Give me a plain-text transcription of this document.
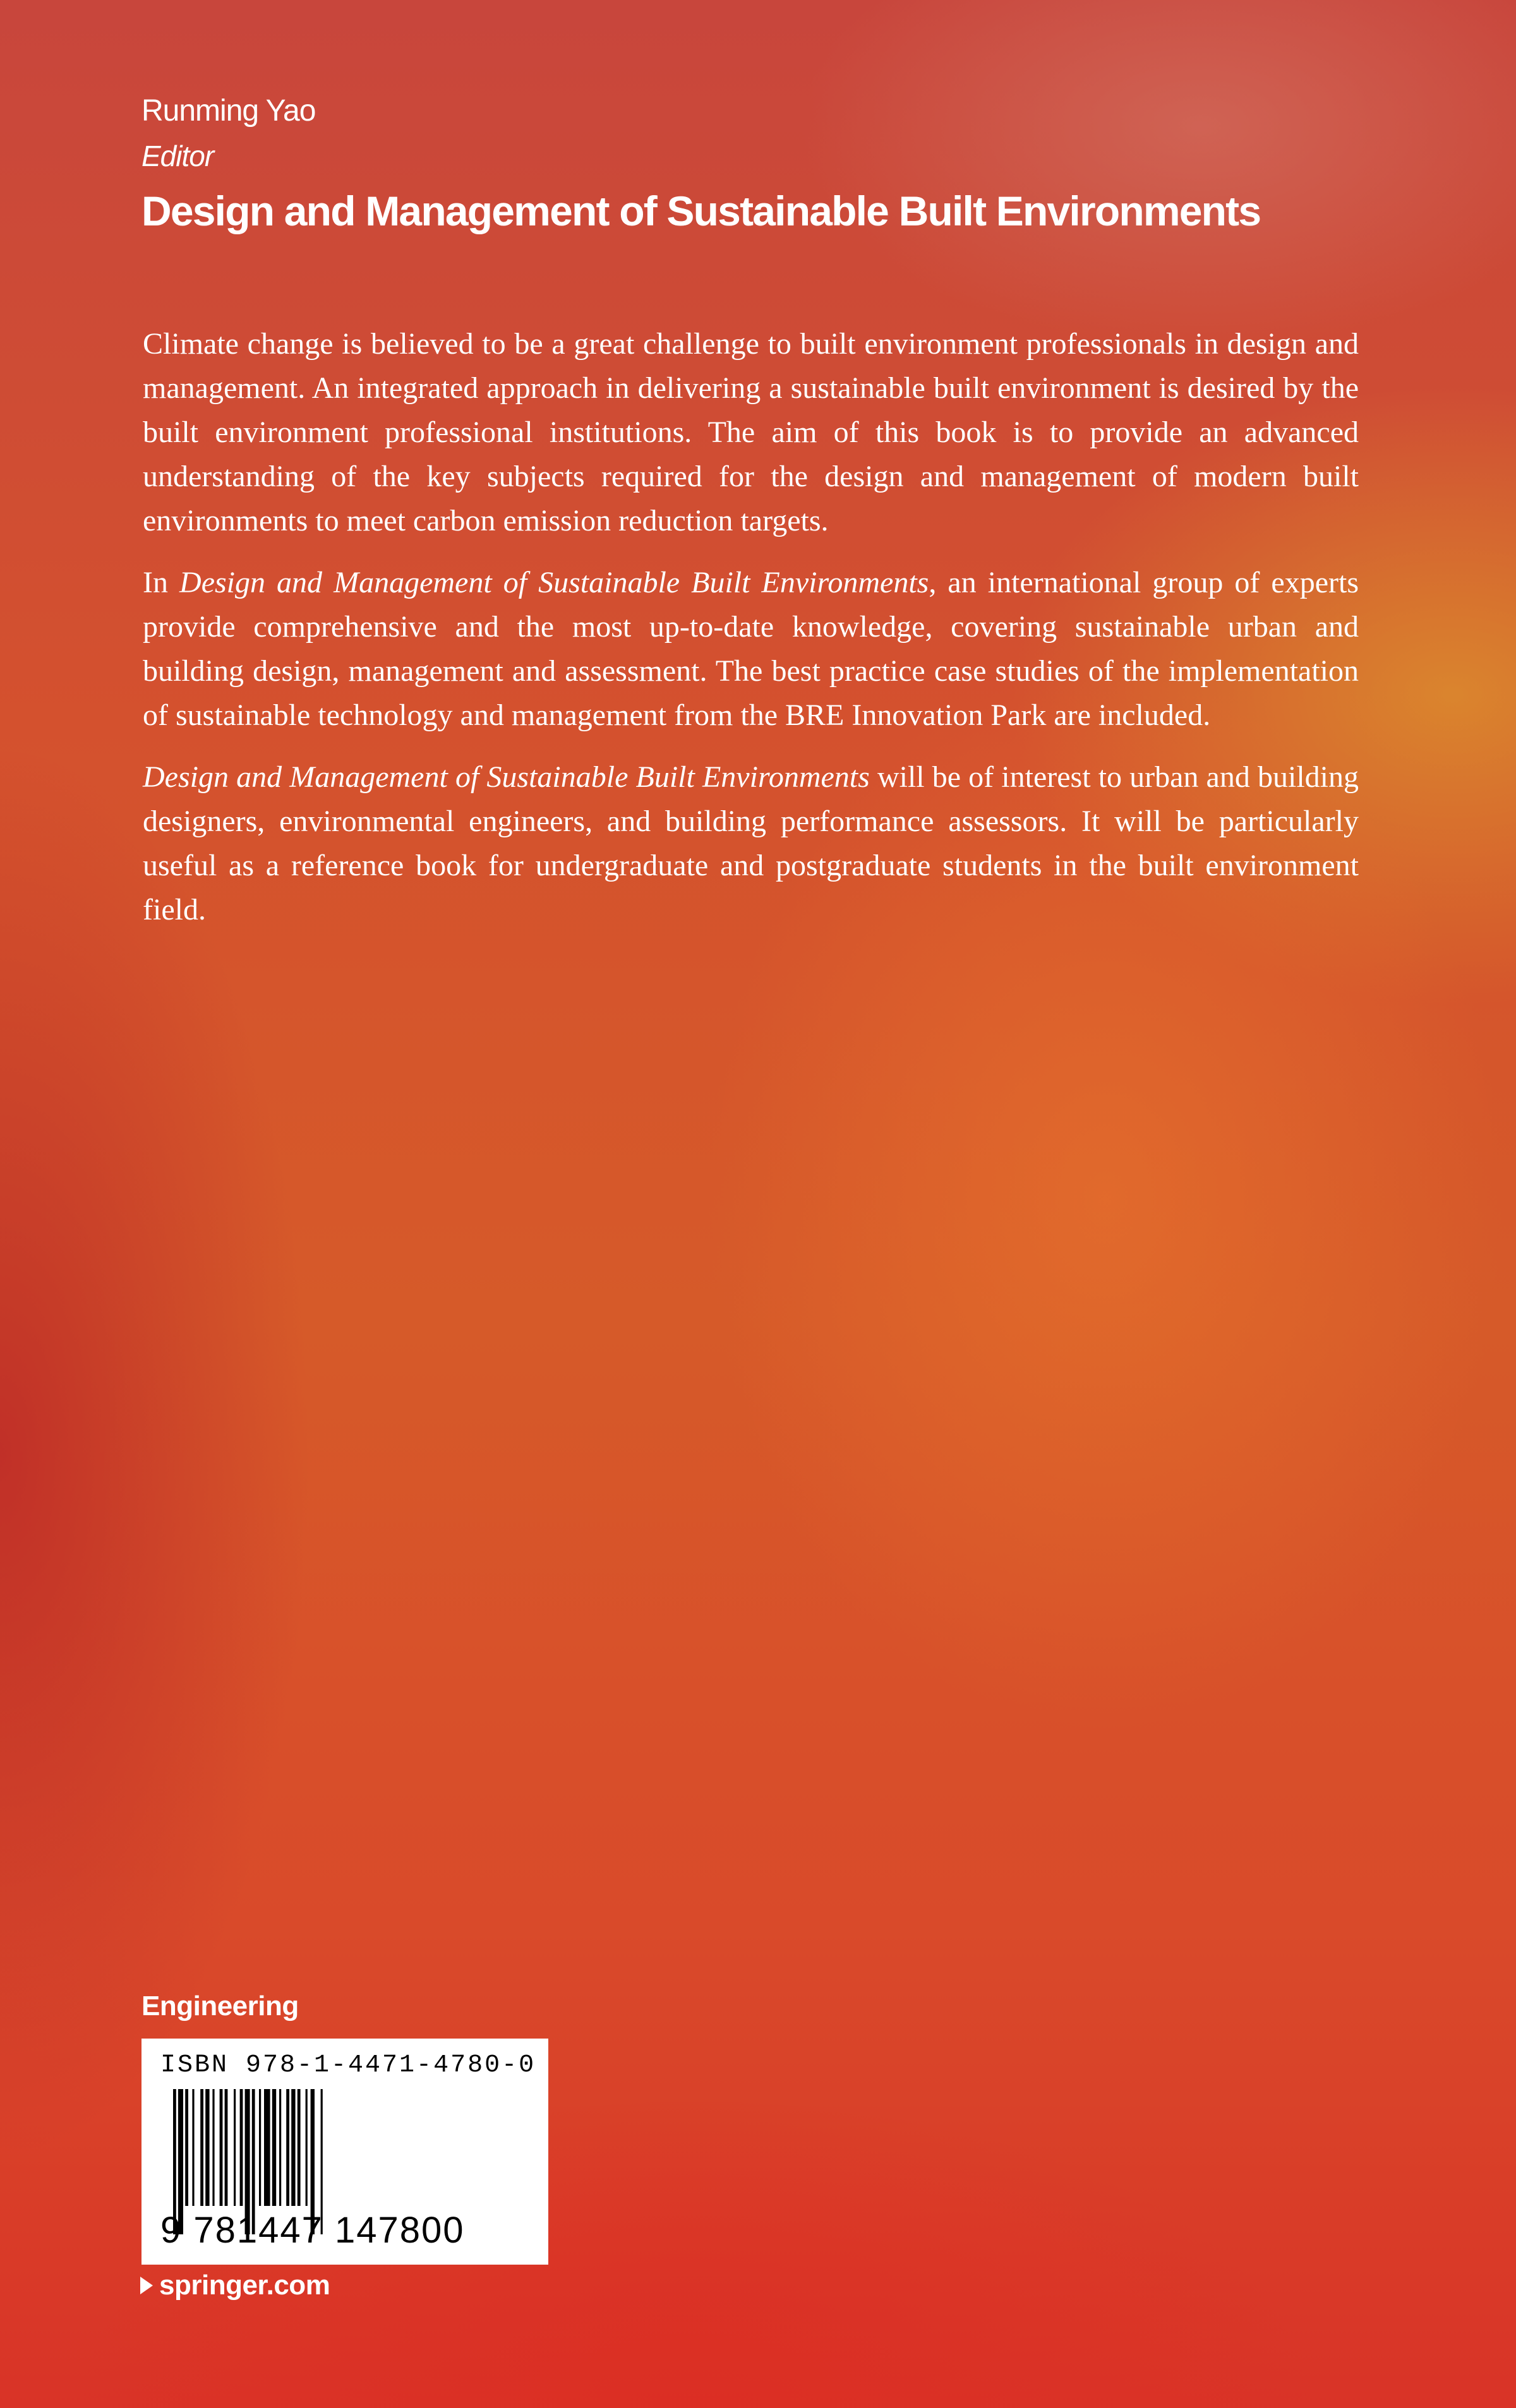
Runming Yao
Editor
Design and Management of Sustainable Built Environments

Climate change is believed to be a great challenge to built environment professionals in design and management. An integrated approach in delivering a sustainable built environment is desired by the built environment professional institutions. The aim of this book is to provide an advanced understanding of the key subjects required for the design and management of modern built environments to meet carbon emission reduction targets.

In Design and Management of Sustainable Built Environments, an international group of experts provide comprehensive and the most up-to-date knowledge, covering sustainable urban and building design, management and assessment. The best practice case studies of the implementation of sustainable technology and management from the BRE Innovation Park are included.

Design and Management of Sustainable Built Environments will be of interest to urban and building designers, environmental engineers, and building performance assessors. It will be particularly useful as a reference book for undergraduate and postgraduate students in the built environment field.

Engineering
ISBN 978-1-4471-4780-0
9 781447 147800
springer.com
